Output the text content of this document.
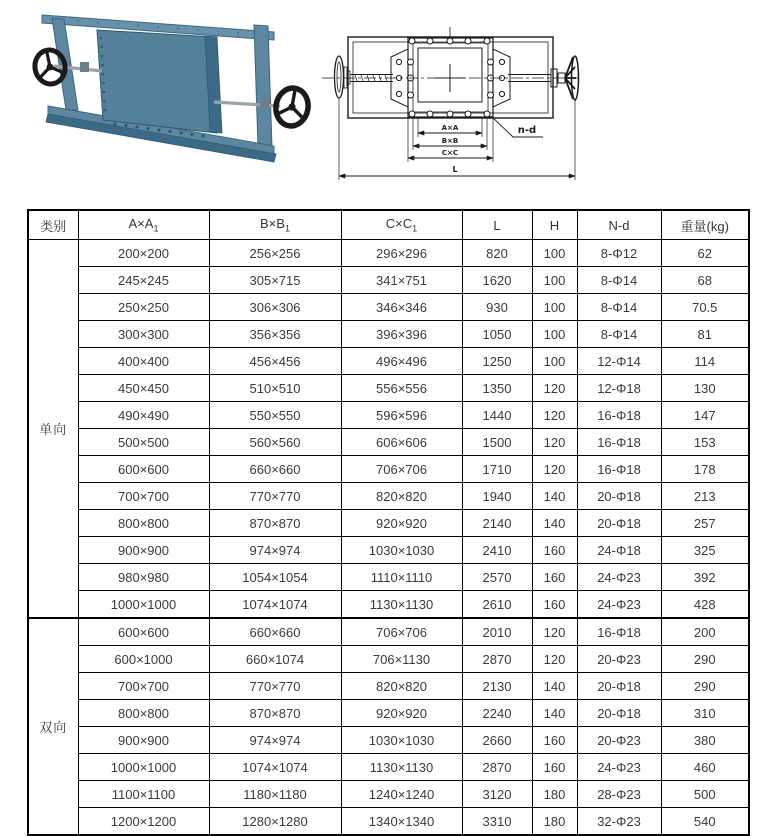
A×A
B×B
C×C
L
n-d
类别	$A\times A_1$	$B\times B_1$	$C\times C_1$	L	H	N-d	重量(kg)
单向	200×200	256×256	296×296	820	100	8-Φ12	62
	245×245	305×715	341×751	1620	100	8-Φ14	68
	250×250	306×306	346×346	930	100	8-Φ14	70.5
	300×300	356×356	396×396	1050	100	8-Φ14	81
	400×400	456×456	496×496	1250	100	12-Φ14	114
	450×450	510×510	556×556	1350	120	12-Φ18	130
	490×490	550×550	596×596	1440	120	16-Φ18	147
	500×500	560×560	606×606	1500	120	16-Φ18	153
	600×600	660×660	706×706	1710	120	16-Φ18	178
	700×700	770×770	820×820	1940	140	20-Φ18	213
	800×800	870×870	920×920	2140	140	20-Φ18	257
	900×900	974×974	1030×1030	2410	160	24-Φ18	325
	980×980	1054×1054	1110×1110	2570	160	24-Φ23	392
	1000×1000	1074×1074	1130×1130	2610	160	24-Φ23	428
双向	600×600	660×660	706×706	2010	120	16-Φ18	200
	600×1000	660×1074	706×1130	2870	120	20-Φ23	290
	700×700	770×770	820×820	2130	140	20-Φ18	290
	800×800	870×870	920×920	2240	140	20-Φ18	310
	900×900	974×974	1030×1030	2660	160	20-Φ23	380
	1000×1000	1074×1074	1130×1130	2870	160	24-Φ23	460
	1100×1100	1180×1180	1240×1240	3120	180	28-Φ23	500
	1200×1200	1280×1280	1340×1340	3310	180	32-Φ23	540
